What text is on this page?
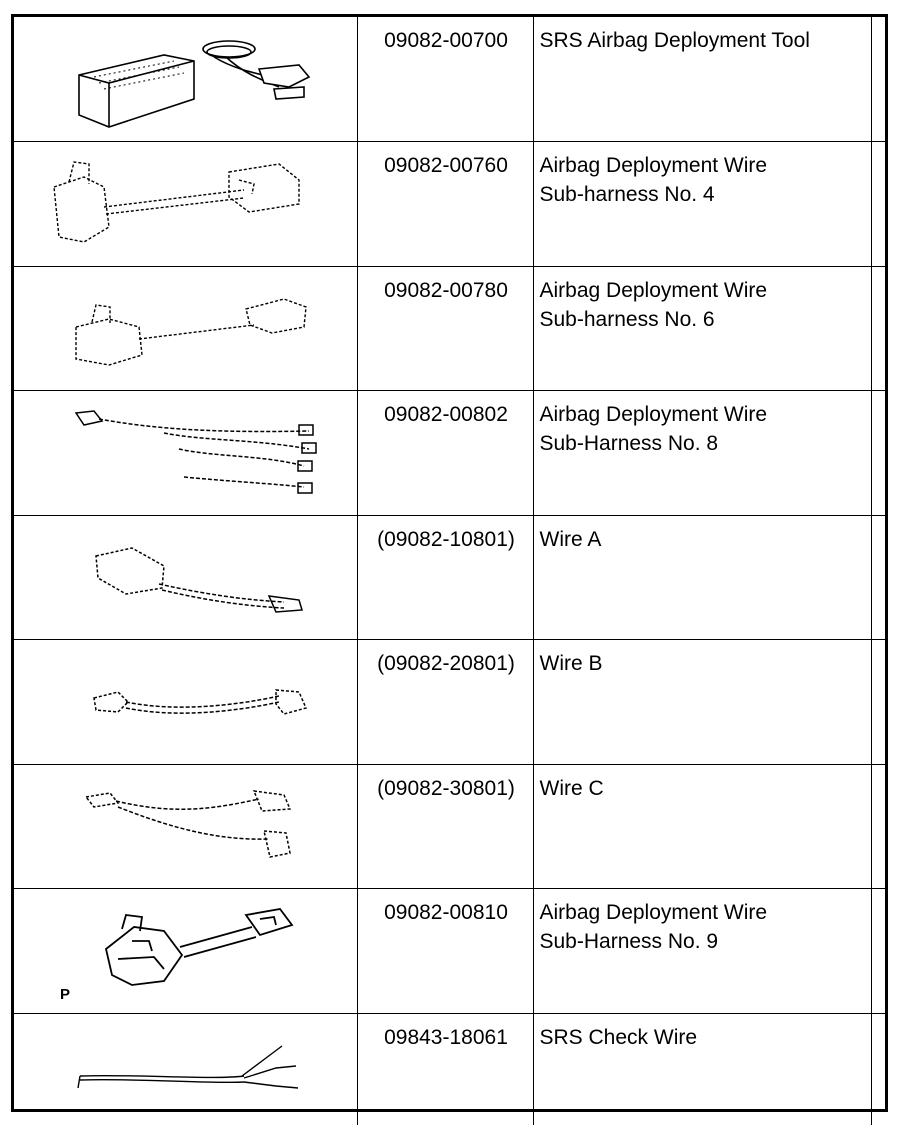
09082-00700	SRS Airbag Deployment Tool	

09082-00760	Airbag Deployment Wire
Sub-harness No. 4	

09082-00780	Airbag Deployment Wire
Sub-harness No. 6	

09082-00802	Airbag Deployment Wire
Sub-Harness No. 8	

(09082-10801)	Wire A	

(09082-20801)	Wire B	

(09082-30801)	Wire C	

P	09082-00810	Airbag Deployment Wire
Sub-Harness No. 9	

09843-18061	SRS Check Wire	
